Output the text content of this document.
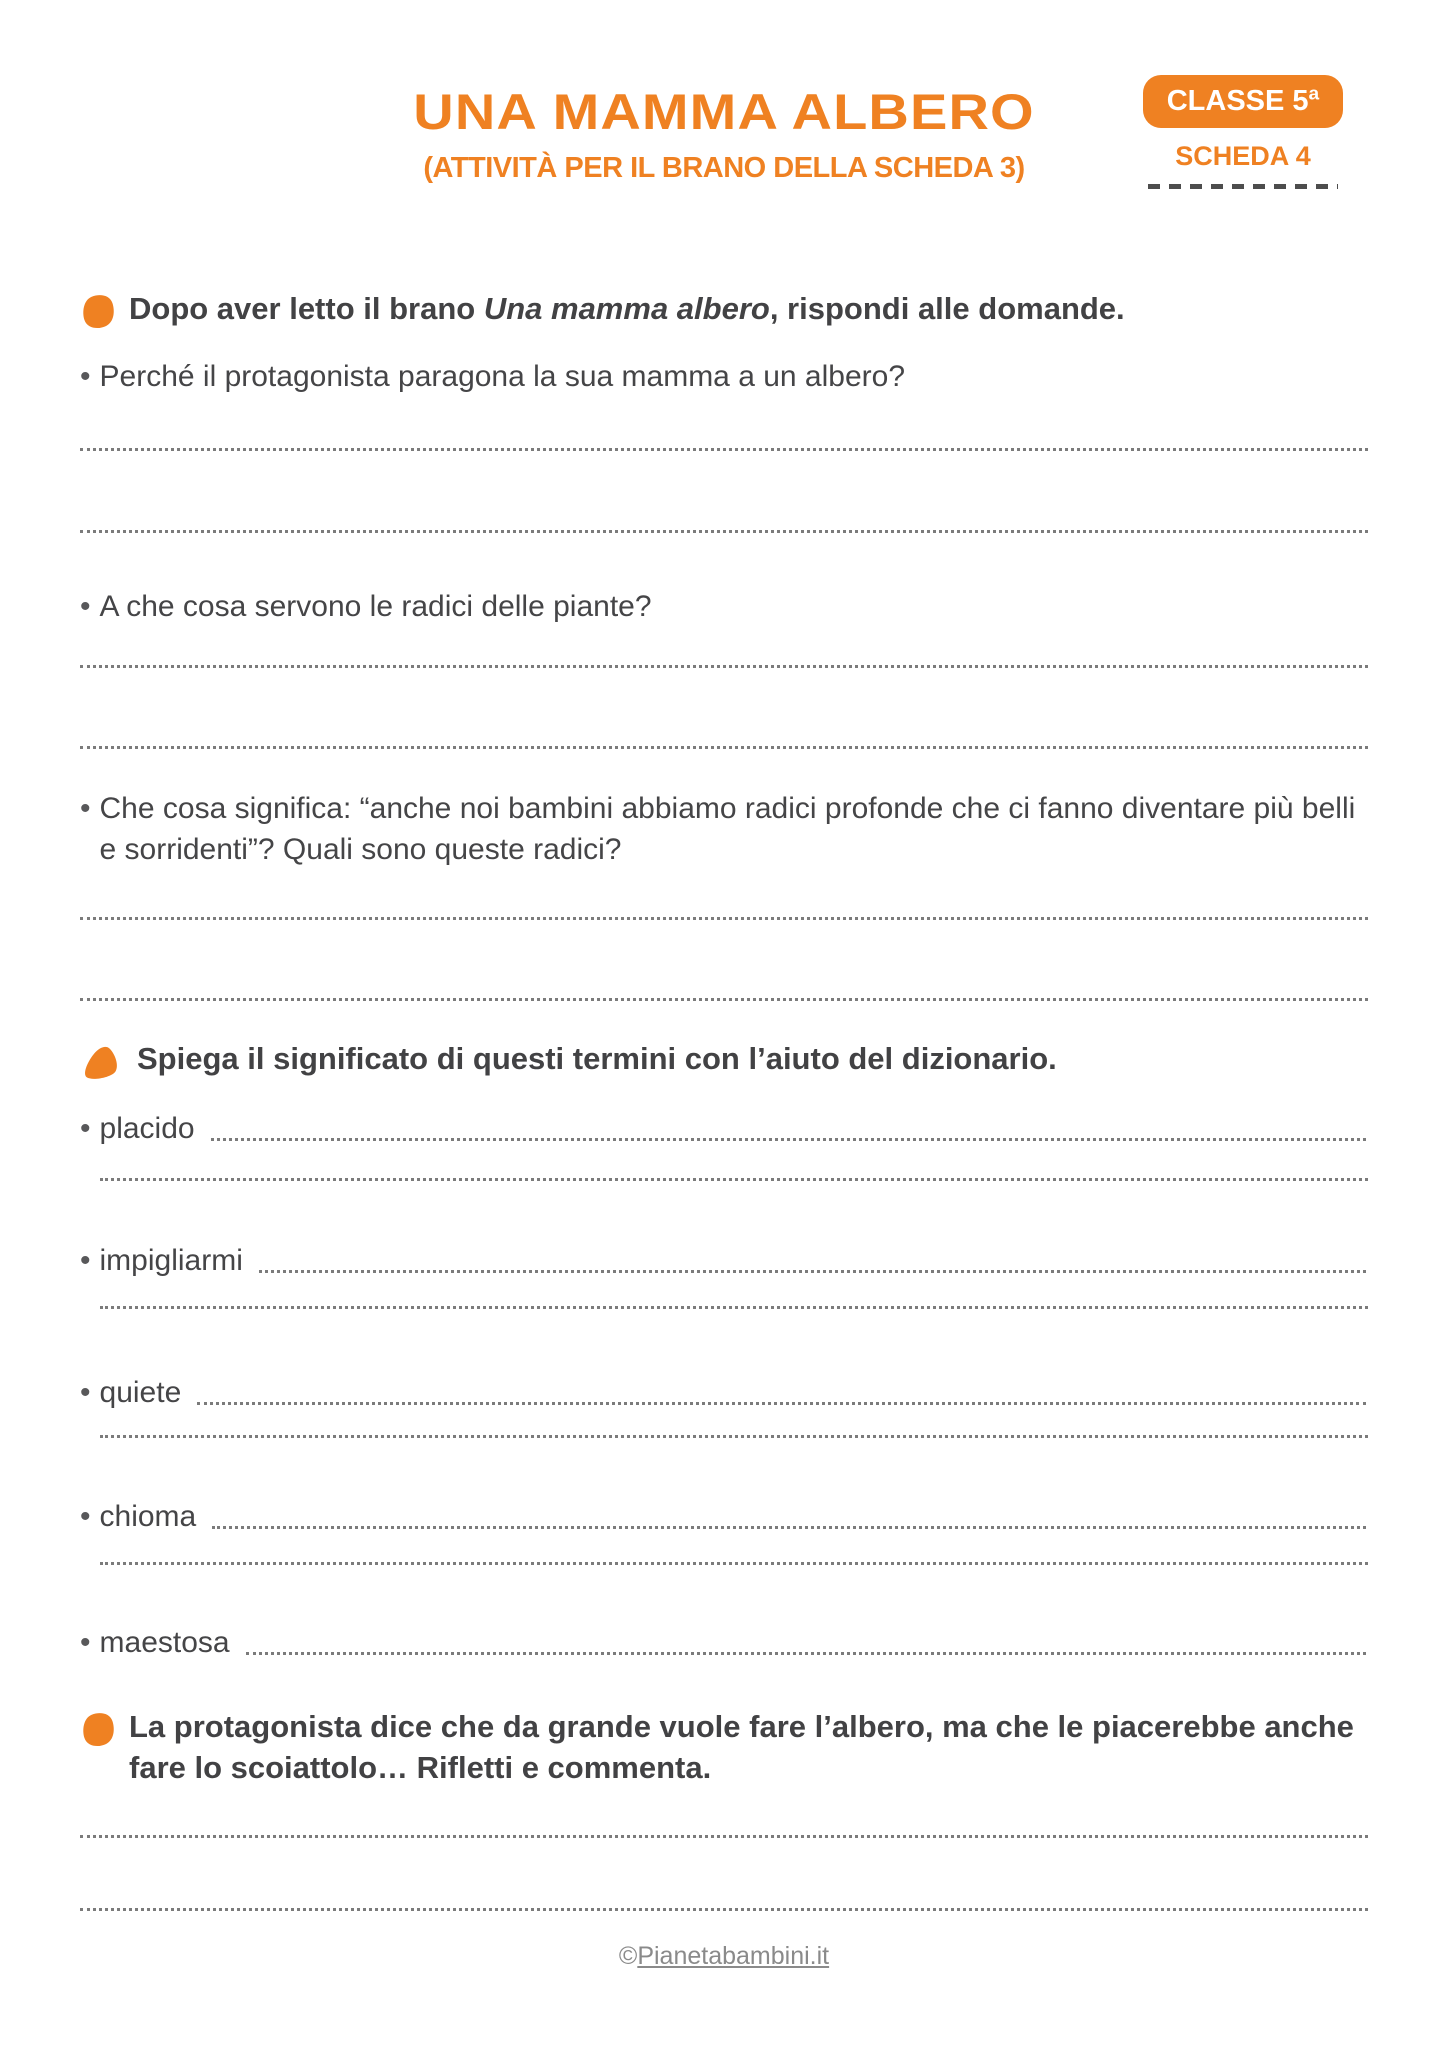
UNA MAMMA ALBERO
(ATTIVITÀ PER IL BRANO DELLA SCHEDA 3)
CLASSE 5ª
SCHEDA 4
Dopo aver letto il brano Una mamma albero, rispondi alle domande.
• Perché il protagonista paragona la sua mamma a un albero?
• A che cosa servono le radici delle piante?
• Che cosa significa: “anche noi bambini abbiamo radici profonde che ci fanno diventare più belli e sorridenti”? Quali sono queste radici?
Spiega il significato di questi termini con l’aiuto del dizionario.
• placido
• impigliarmi
• quiete
• chioma
• maestosa
La protagonista dice che da grande vuole fare l’albero, ma che le piacerebbe anche fare lo scoiattolo… Rifletti e commenta.
©Pianetabambini.it
